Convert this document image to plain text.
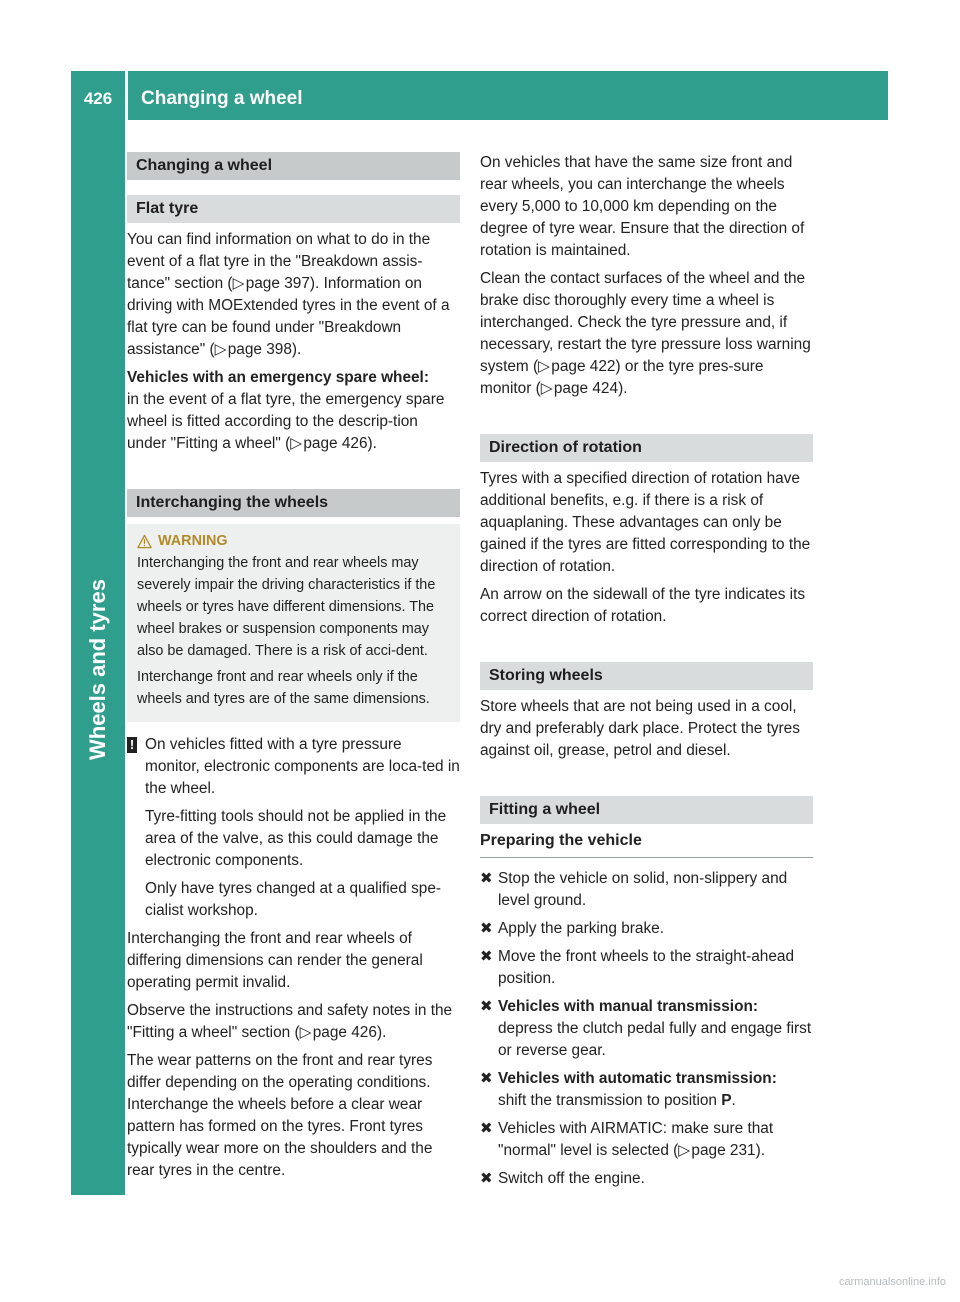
426	Changing a wheel
Wheels and tyres
Changing a wheel
Flat tyre

You can find information on what to do in the event of a flat tyre in the "Breakdown assis-tance" section (▷ page 397). Information on driving with MOExtended tyres in the event of a flat tyre can be found under "Breakdown assistance" (▷ page 398).

Vehicles with an emergency spare wheel:
in the event of a flat tyre, the emergency spare wheel is fitted according to the descrip-tion under "Fitting a wheel" (▷ page 426).

Interchanging the wheels
WARNING

Interchanging the front and rear wheels may severely impair the driving characteristics if the wheels or tyres have different dimensions. The wheel brakes or suspension components may also be damaged. There is a risk of acci-dent.

Interchange front and rear wheels only if the wheels and tyres are of the same dimensions.

! On vehicles fitted with a tyre pressure monitor, electronic components are loca-ted in the wheel.

Tyre-fitting tools should not be applied in the area of the valve, as this could damage the electronic components.

Only have tyres changed at a qualified spe-cialist workshop.

Interchanging the front and rear wheels of differing dimensions can render the general operating permit invalid.

Observe the instructions and safety notes in the "Fitting a wheel" section (▷ page 426).

The wear patterns on the front and rear tyres differ depending on the operating conditions. Interchange the wheels before a clear wear pattern has formed on the tyres. Front tyres typically wear more on the shoulders and the rear tyres in the centre.

On vehicles that have the same size front and rear wheels, you can interchange the wheels every 5,000 to 10,000 km depending on the degree of tyre wear. Ensure that the direction of rotation is maintained.

Clean the contact surfaces of the wheel and the brake disc thoroughly every time a wheel is interchanged. Check the tyre pressure and, if necessary, restart the tyre pressure loss warning system (▷ page 422) or the tyre pres-sure monitor (▷ page 424).

Direction of rotation

Tyres with a specified direction of rotation have additional benefits, e.g. if there is a risk of aquaplaning. These advantages can only be gained if the tyres are fitted corresponding to the direction of rotation.

An arrow on the sidewall of the tyre indicates its correct direction of rotation.

Storing wheels

Store wheels that are not being used in a cool, dry and preferably dark place. Protect the tyres against oil, grease, petrol and diesel.

Fitting a wheel
Preparing the vehicle
✖ Stop the vehicle on solid, non-slippery and level ground.
✖ Apply the parking brake.
✖ Move the front wheels to the straight-ahead position.
✖ Vehicles with manual transmission:
depress the clutch pedal fully and engage first or reverse gear.
✖ Vehicles with automatic transmission:
shift the transmission to position P.
✖ Vehicles with AIRMATIC: make sure that "normal" level is selected (▷ page 231).
✖ Switch off the engine.
carmanualsonline.info
